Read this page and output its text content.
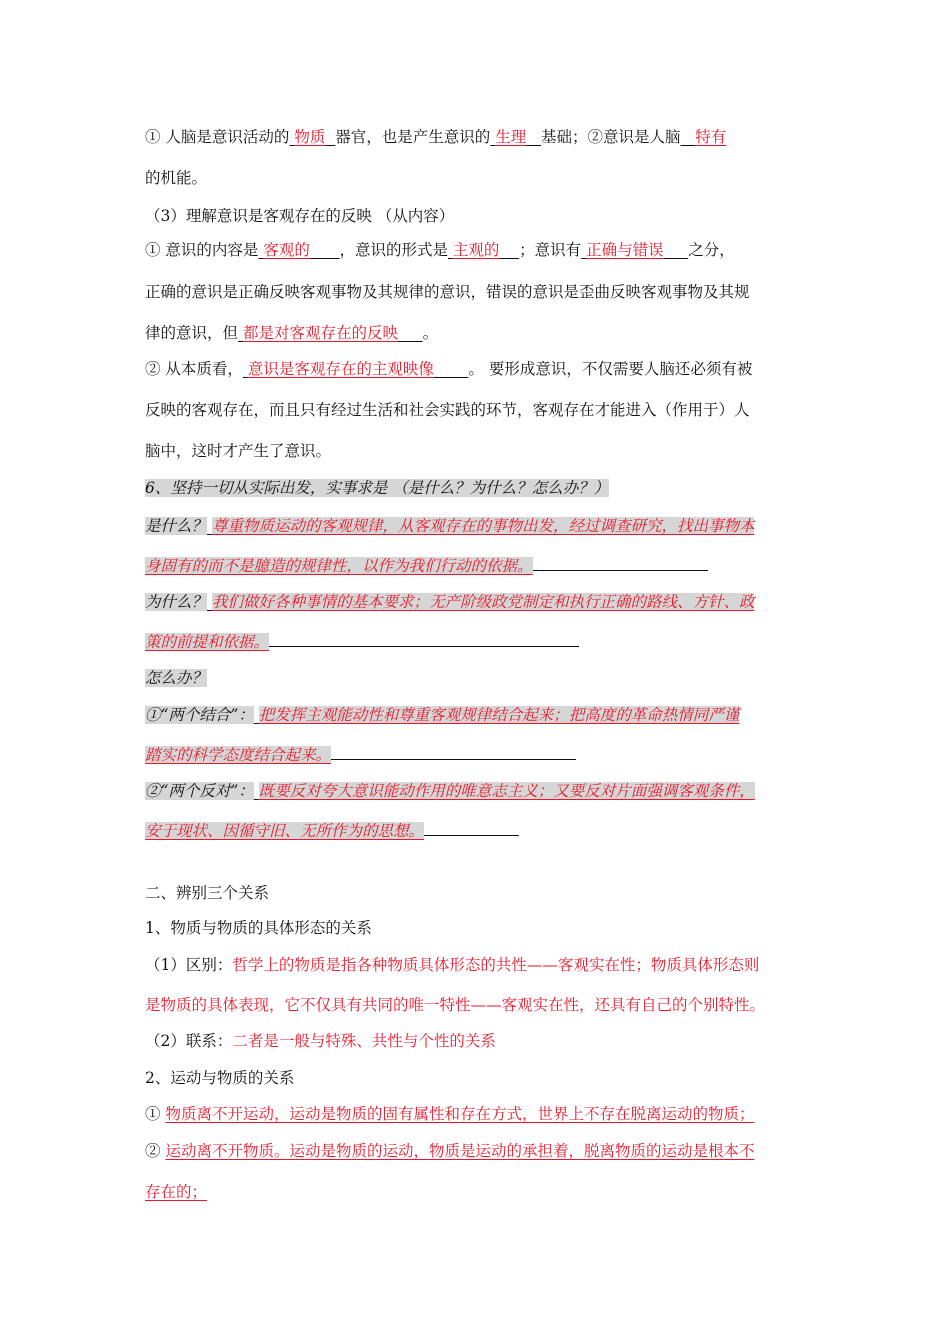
① 人脑是意识活动的 物质 器官，也是产生意识的 生理 基础；②意识是人脑 特有
的机能。
（3）理解意识是客观存在的反映 （从内容）
① 意识的内容是 客观的 ，意识的形式是 主观的 ；意识有 正确与错误 之分，
正确的意识是正确反映客观事物及其规律的意识，错误的意识是歪曲反映客观事物及其规
律的意识，但 都是对客观存在的反映 。
② 从本质看， 意识是客观存在的主观映像 。 要形成意识，不仅需要人脑还必须有被
反映的客观存在，而且只有经过生活和社会实践的环节，客观存在才能进入（作用于）人
脑中，这时才产生了意识。
6、坚持一切从实际出发，实事求是 （是什么？为什么？怎么办？）
是什么？ 尊重物质运动的客观规律，从客观存在的事物出发，经过调查研究，找出事物本
身固有的而不是臆造的规律性，以作为我们行动的依据。
为什么？ 我们做好各种事情的基本要求；无产阶级政党制定和执行正确的路线、方针、政
策的前提和依据。
怎么办？
①“两个结合”： 把发挥主观能动性和尊重客观规律结合起来；把高度的革命热情同严谨
踏实的科学态度结合起来。
②“两个反对”： 既要反对夸大意识能动作用的唯意志主义；又要反对片面强调客观条件，
安于现状、因循守旧、无所作为的思想。
二、辨别三个关系
1、物质与物质的具体形态的关系
（1）区别：哲学上的物质是指各种物质具体形态的共性——客观实在性；物质具体形态则
是物质的具体表现，它不仅具有共同的唯一特性——客观实在性，还具有自己的个别特性。
（2）联系：二者是一般与特殊、共性与个性的关系
2、运动与物质的关系
① 物质离不开运动，运动是物质的固有属性和存在方式，世界上不存在脱离运动的物质；
② 运动离不开物质。运动是物质的运动，物质是运动的承担着，脱离物质的运动是根本不
存在的；
